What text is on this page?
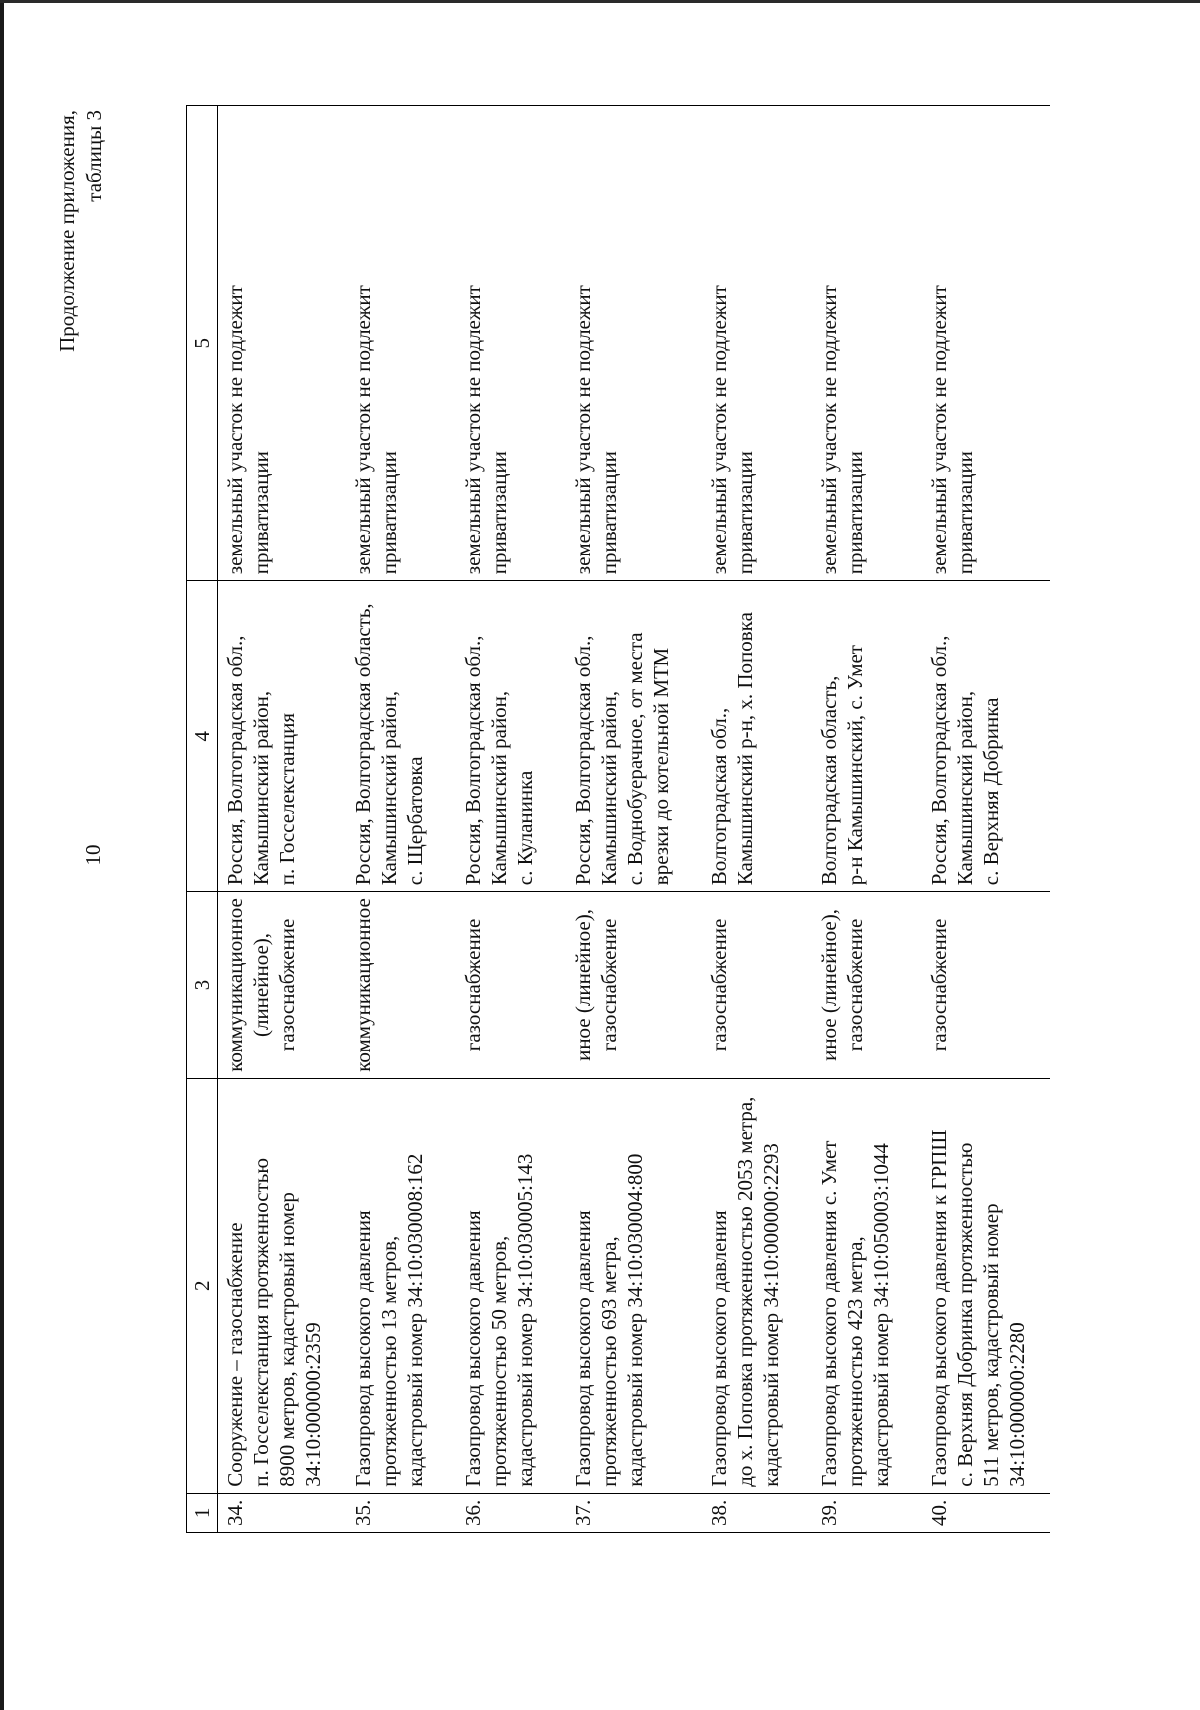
10
Продолжение приложения, таблицы 3
1	2	3	4	5
34.	Сооружение – газоснабжение п. Госселекстанция протяженностью 8900 метров, кадастровый номер 34:10:000000:2359	коммуникационное (линейное), газоснабжение	Россия, Волгоградская обл., Камышинский район, п. Госселекстанция	земельный участок не подлежит приватизации

35.	Газопровод высокого давления протяженностью 13 метров, кадастровый номер 34:10:030008:162	коммуникационное	Россия, Волгоградская область, Камышинский район, с. Щербатовка	земельный участок не подлежит приватизации

36.	Газопровод высокого давления протяженностью 50 метров, кадастровый номер 34:10:030005:143	газоснабжение	Россия, Волгоградская обл., Камышинский район, с. Куланинка	земельный участок не подлежит приватизации

37.	Газопровод высокого давления протяженностью 693 метра, кадастровый номер 34:10:030004:800	иное (линейное), газоснабжение	Россия, Волгоградская обл., Камышинский район, с. Воднобуерачное, от места врезки до котельной МТМ	земельный участок не подлежит приватизации

38.	Газопровод высокого давления до х. Поповка протяженностью 2053 метра, кадастровый номер 34:10:000000:2293	газоснабжение	Волгоградская обл., Камышинский р-н, х. Поповка	земельный участок не подлежит приватизации

39.	Газопровод высокого давления с. Умет протяженностью 423 метра, кадастровый номер 34:10:050003:1044	иное (линейное), газоснабжение	Волгоградская область, р-н Камышинский, с. Умет	земельный участок не подлежит приватизации

40.	Газопровод высокого давления к ГРПШ с. Верхняя Добринка протяженностью 511 метров, кадастровый номер 34:10:000000:2280	газоснабжение	Россия, Волгоградская обл., Камышинский район, с. Верхняя Добринка	земельный участок не подлежит приватизации
